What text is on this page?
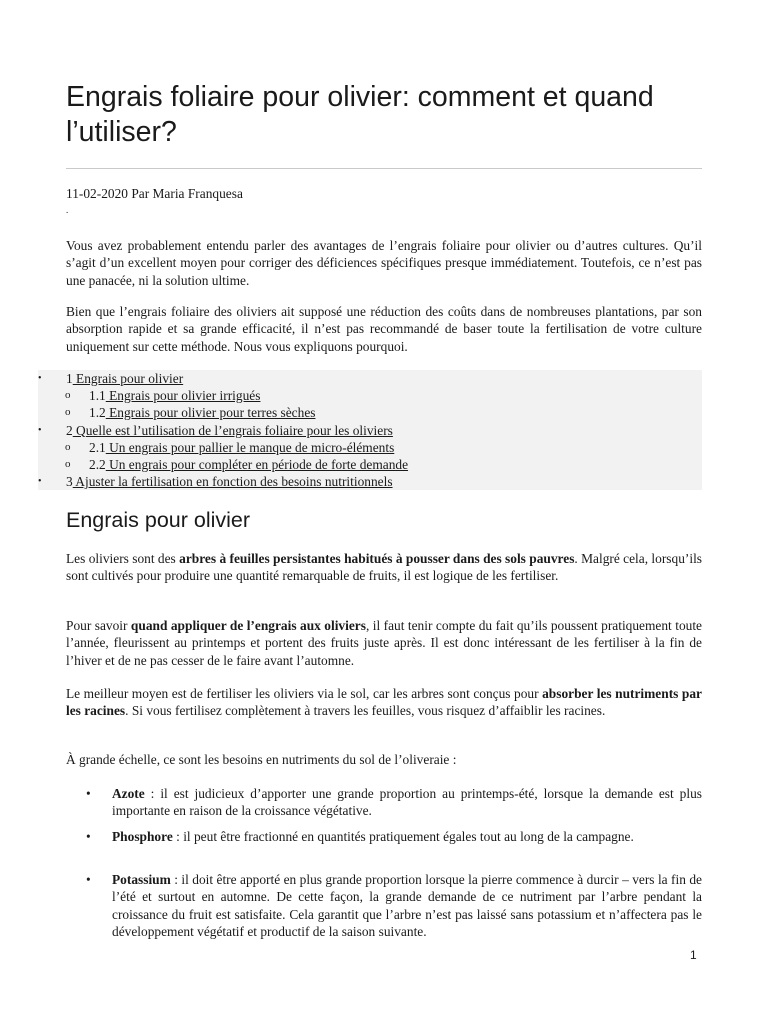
Engrais foliaire pour olivier: comment et quand l’utiliser?

11-02-2020 Par Maria Franquesa

.

Vous avez probablement entendu parler des avantages de l’engrais foliaire pour olivier ou d’autres cultures. Qu’il s’agit d’un excellent moyen pour corriger des déficiences spécifiques presque immédiatement. Toutefois, ce n’est pas une panacée, ni la solution ultime.

Bien que l’engrais foliaire des oliviers ait supposé une réduction des coûts dans de nombreuses plantations, par son absorption rapide et sa grande efficacité, il n’est pas recommandé de baser toute la fertilisation de votre culture uniquement sur cette méthode. Nous vous expliquons pourquoi.

• 1 Engrais pour olivier
o 1.1 Engrais pour olivier irrigués
o 1.2 Engrais pour olivier pour terres sèches
• 2 Quelle est l’utilisation de l’engrais foliaire pour les oliviers
o 2.1 Un engrais pour pallier le manque de micro-éléments
o 2.2 Un engrais pour compléter en période de forte demande
• 3 Ajuster la fertilisation en fonction des besoins nutritionnels
Engrais pour olivier

Les oliviers sont des arbres à feuilles persistantes habitués à pousser dans des sols pauvres. Malgré cela, lorsqu’ils sont cultivés pour produire une quantité remarquable de fruits, il est logique de les fertiliser.

Pour savoir quand appliquer de l’engrais aux oliviers, il faut tenir compte du fait qu’ils poussent pratiquement toute l’année, fleurissent au printemps et portent des fruits juste après. Il est donc intéressant de les fertiliser à la fin de l’hiver et de ne pas cesser de le faire avant l’automne.

Le meilleur moyen est de fertiliser les oliviers via le sol, car les arbres sont conçus pour absorber les nutriments par les racines. Si vous fertilisez complètement à travers les feuilles, vous risquez d’affaiblir les racines.

À grande échelle, ce sont les besoins en nutriments du sol de l’oliveraie :

• Azote : il est judicieux d’apporter une grande proportion au printemps-été, lorsque la demande est plus importante en raison de la croissance végétative.
• Phosphore : il peut être fractionné en quantités pratiquement égales tout au long de la campagne.
• Potassium : il doit être apporté en plus grande proportion lorsque la pierre commence à durcir – vers la fin de l’été et surtout en automne. De cette façon, la grande demande de ce nutriment par l’arbre pendant la croissance du fruit est satisfaite. Cela garantit que l’arbre n’est pas laissé sans potassium et n’affectera pas le développement végétatif et productif de la saison suivante.
1
